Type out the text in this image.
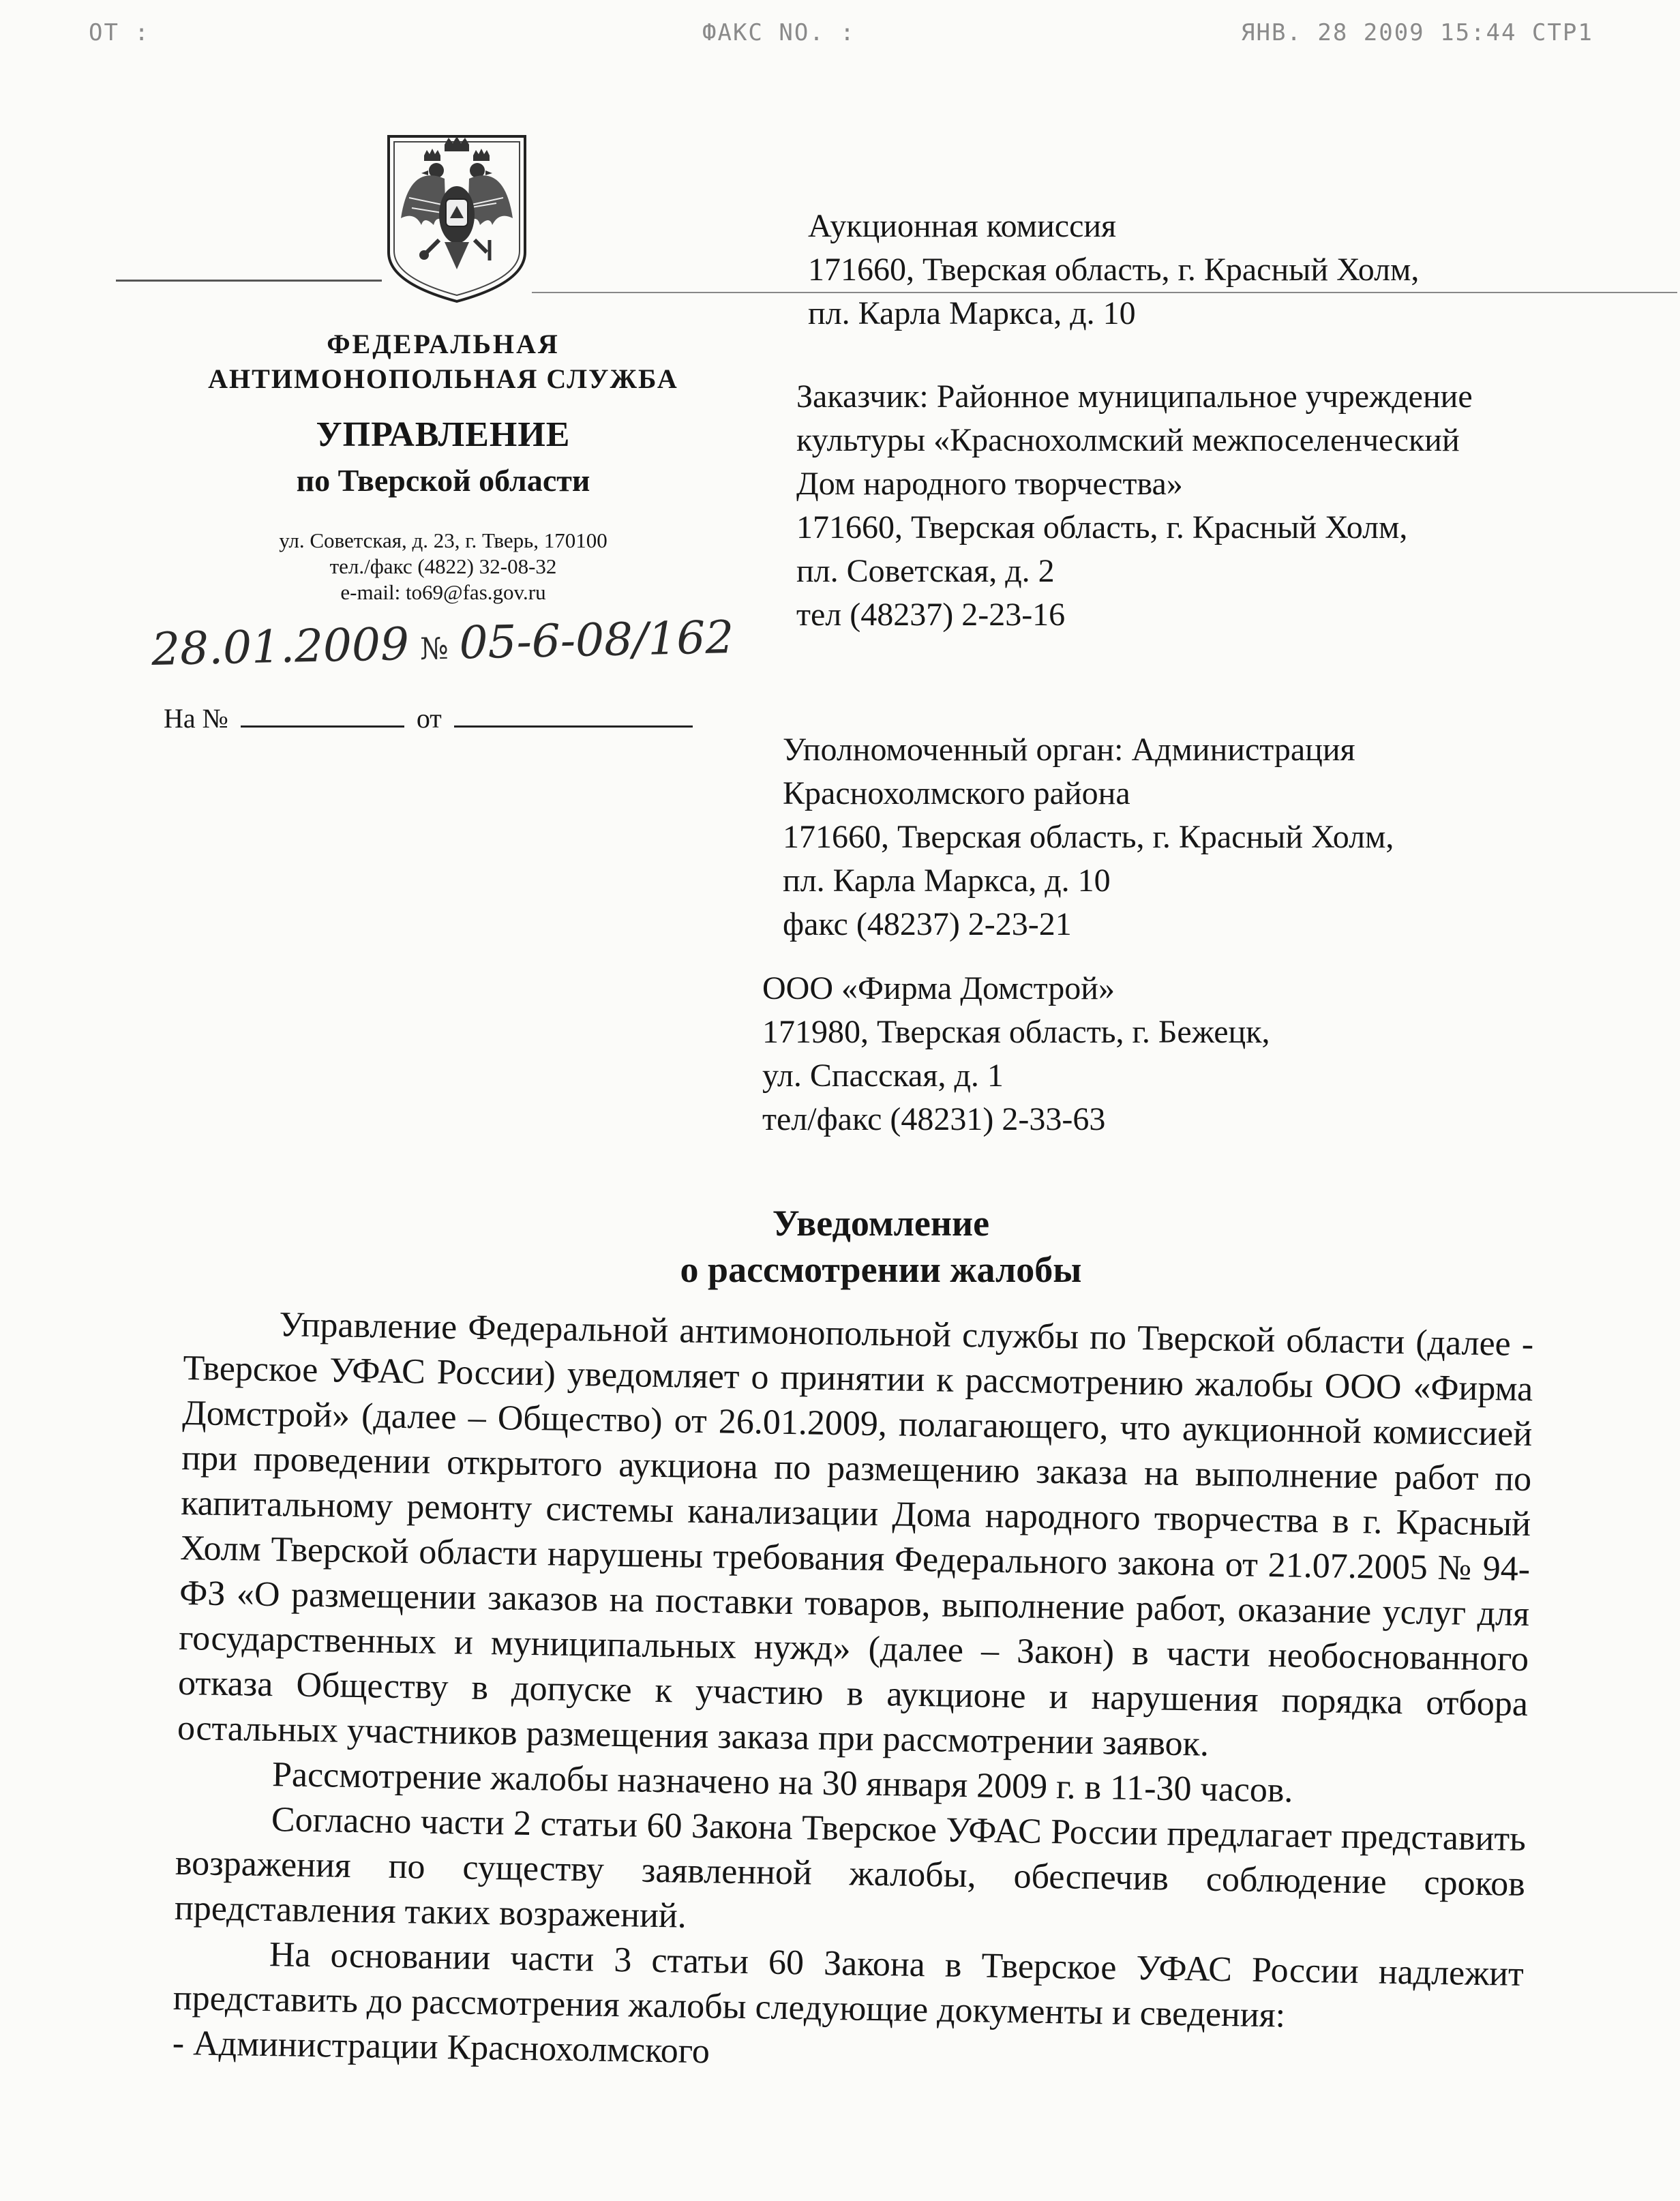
OT :	ФАКС NO. :	ЯНВ. 28 2009 15:44 СТР1
ФЕДЕРАЛЬНАЯ
АНТИМОНОПОЛЬНАЯ СЛУЖБА
УПРАВЛЕНИЕ
по Тверской области
ул. Советская, д. 23, г. Тверь, 170100
тел./факс (4822) 32-08-32
e-mail: to69@fas.gov.ru
28.01.2009 № 05-6-08/162
На №	от
Аукционная комиссия
171660, Тверская область, г. Красный Холм,
пл. Карла Маркса, д. 10
Заказчик: Районное муниципальное учреждение
культуры «Краснохолмский межпоселенческий
Дом народного творчества»
171660, Тверская область, г. Красный Холм,
пл. Советская, д. 2
тел (48237) 2-23-16
Уполномоченный орган: Администрация
Краснохолмского района
171660, Тверская область, г. Красный Холм,
пл. Карла Маркса, д. 10
факс (48237) 2-23-21
ООО «Фирма Домстрой»
171980, Тверская область, г. Бежецк,
ул. Спасская, д. 1
тел/факс (48231) 2-33-63
Уведомление
о рассмотрении жалобы

Управление Федеральной антимонопольной службы по Тверской области (далее - Тверское УФАС России) уведомляет о принятии к рассмотрению жалобы ООО «Фирма Домстрой» (далее – Общество) от 26.01.2009, полагающего, что аукционной комиссией при проведении открытого аукциона по размещению заказа на выполнение работ по капитальному ремонту системы канализации Дома народного творчества в г. Красный Холм Тверской области нарушены требования Федерального закона от 21.07.2005 № 94-ФЗ «О размещении заказов на поставки товаров, выполнение работ, оказание услуг для государственных и муниципальных нужд» (далее – Закон) в части необоснованного отказа Обществу в допуске к участию в аукционе и нарушения порядка отбора остальных участников размещения заказа при рассмотрении заявок.

Рассмотрение жалобы назначено на 30 января 2009 г. в 11-30 часов.

Согласно части 2 статьи 60 Закона Тверское УФАС России предлагает представить возражения по существу заявленной жалобы, обеспечив соблюдение сроков представления таких возражений.

На основании части 3 статьи 60 Закона в Тверское УФАС России надлежит представить до рассмотрения жалобы следующие документы и сведения:

- Администрации Краснохолмского
